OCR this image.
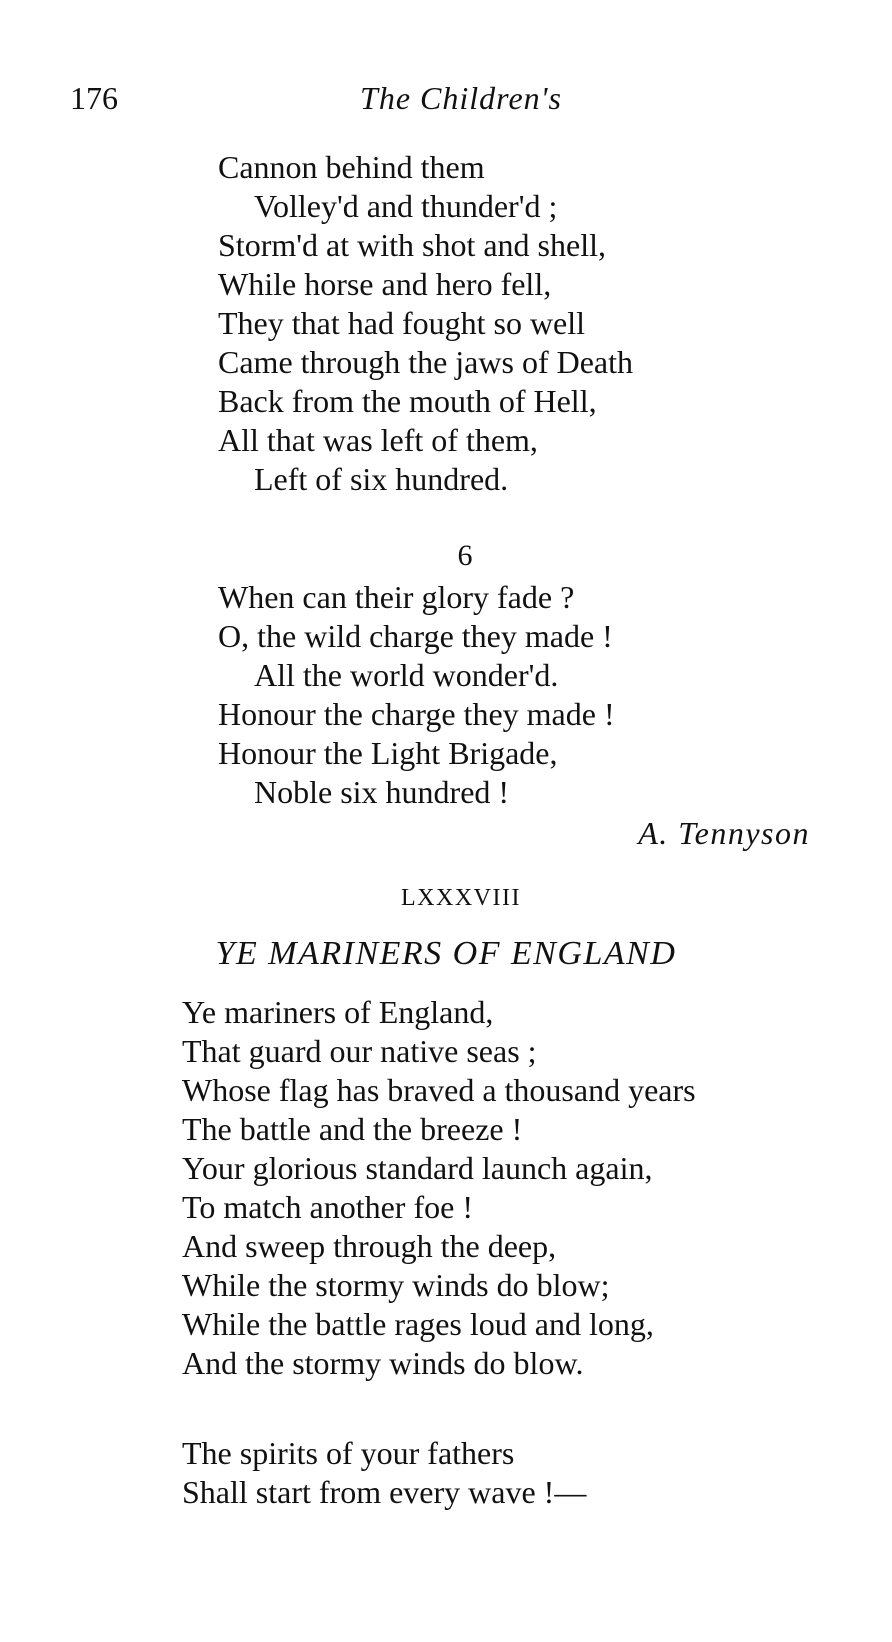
176	The Children's
Cannon behind them
Volley'd and thunder'd ;
Storm'd at with shot and shell,
While horse and hero fell,
They that had fought so well
Came through the jaws of Death
Back from the mouth of Hell,
All that was left of them,
Left of six hundred.
6
When can their glory fade ?
O, the wild charge they made !
All the world wonder'd.
Honour the charge they made !
Honour the Light Brigade,
Noble six hundred !
A. Tennyson
LXXXVIII
YE MARINERS OF ENGLAND
Ye mariners of England,
That guard our native seas ;
Whose flag has braved a thousand years
The battle and the breeze !
Your glorious standard launch again,
To match another foe !
And sweep through the deep,
While the stormy winds do blow;
While the battle rages loud and long,
And the stormy winds do blow.
The spirits of your fathers
Shall start from every wave !—
